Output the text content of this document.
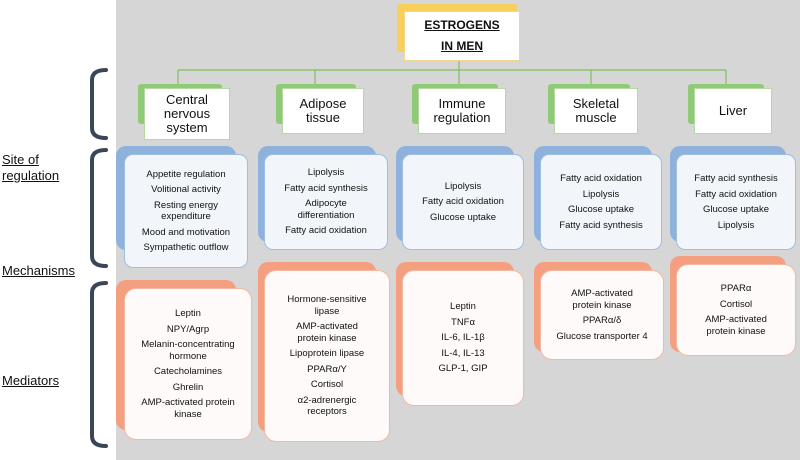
ESTROGENS
IN MEN
Site of
regulation
Mechanisms
Mediators
Central
nervous
system
Appetite regulation
Volitional activity
Resting energy expenditure
Mood and motivation
Sympathetic outflow
Leptin
NPY/Agrp
Melanin-concentrating hormone
Catecholamines
Ghrelin
AMP-activated protein kinase
Adipose
tissue
Lipolysis
Fatty acid synthesis
Adipocyte differentiation
Fatty acid oxidation
Hormone-sensitive lipase
AMP-activated protein kinase
Lipoprotein lipase
PPARα/Υ
Cortisol
α2-adrenergic receptors
Immune
regulation
Lipolysis
Fatty acid oxidation
Glucose uptake
Leptin
TNFα
IL-6, IL-1β
IL-4, IL-13
GLP-1, GIP
Skeletal
muscle
Fatty acid oxidation
Lipolysis
Glucose uptake
Fatty acid synthesis
AMP-activated protein kinase
PPARα/δ
Glucose transporter 4
Liver
Fatty acid synthesis
Fatty acid oxidation
Glucose uptake
Lipolysis
PPARα
Cortisol
AMP-activated protein kinase
